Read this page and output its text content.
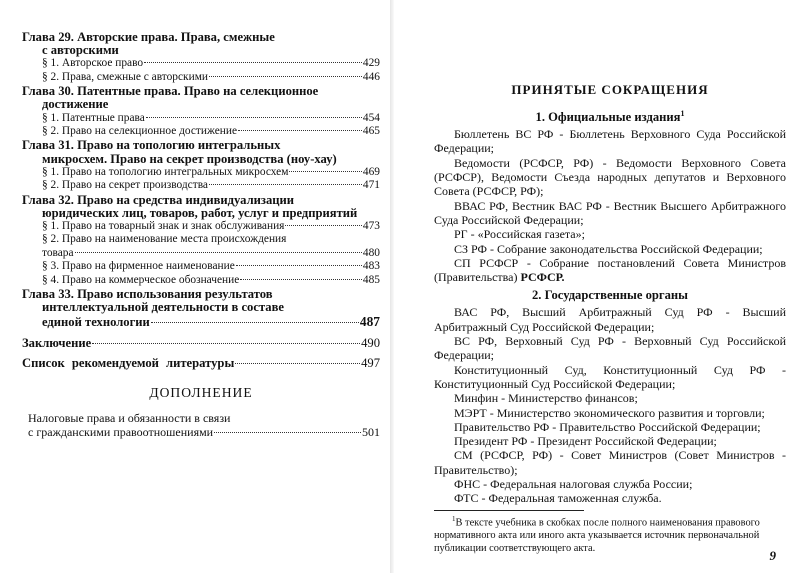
Глава 29. Авторские права. Права, смежные
с авторскими
§ 1. Авторское право	429
§ 2. Права, смежные с авторскими	446
Глава 30. Патентные права. Право на селекционное
достижение
§ 1. Патентные права	454
§ 2. Право на селекционное достижение	465
Глава 31. Право на топологию интегральных
микросхем. Право на секрет производства (ноу-хау)
§ 1. Право на топологию интегральных микросхем	469
§ 2. Право на секрет производства	471
Глава 32. Право на средства индивидуализации
юридических лиц, товаров, работ, услуг и предприятий
§ 1. Право на товарный знак и знак обслуживания	473
§ 2. Право на наименование места происхождения
товара	480
§ 3. Право на фирменное наименование	483
§ 4. Право на коммерческое обозначение	485
Глава 33. Право использования результатов
интеллектуальной деятельности в составе
единой технологии	487
Заключение	490
Список рекомендуемой литературы	497
ДОПОЛНЕНИЕ
Налоговые права и обязанности в связи
с гражданскими правоотношениями	501
ПРИНЯТЫЕ СОКРАЩЕНИЯ
1. Официальные издания$^1$
Бюллетень ВС РФ - Бюллетень Верховного Суда Российской Федерации;
Ведомости (РСФСР, РФ) - Ведомости Верховного Совета (РСФСР), Ведомости Съезда народных депутатов и Верховного Совета (РСФСР, РФ);
ВВАС РФ, Вестник ВАС РФ - Вестник Высшего Арбитражного Суда Российской Федерации;
РГ - «Российская газета»;
СЗ РФ - Собрание законодательства Российской Федерации;
СП РСФСР - Собрание постановлений Совета Министров (Правительства) РСФСР.
2. Государственные органы
ВАС РФ, Высший Арбитражный Суд РФ - Высший Арбитражный Суд Российской Федерации;
ВС РФ, Верховный Суд РФ - Верховный Суд Российской Федерации;
Конституционный Суд, Конституционный Суд РФ - Конституционный Суд Российской Федерации;
Минфин - Министерство финансов;
МЭРТ - Министерство экономического развития и торговли;
Правительство РФ - Правительство Российской Федерации;
Президент РФ - Президент Российской Федерации;
СМ (РСФСР, РФ) - Совет Министров (Совет Министров - Правительство);
ФНС - Федеральная налоговая служба России;
ФТС - Федеральная таможенная служба.
$^1$В тексте учебника в скобках после полного наименования правового нормативного акта или иного акта указывается источник первоначальной публикации соответствующего акта.	9
